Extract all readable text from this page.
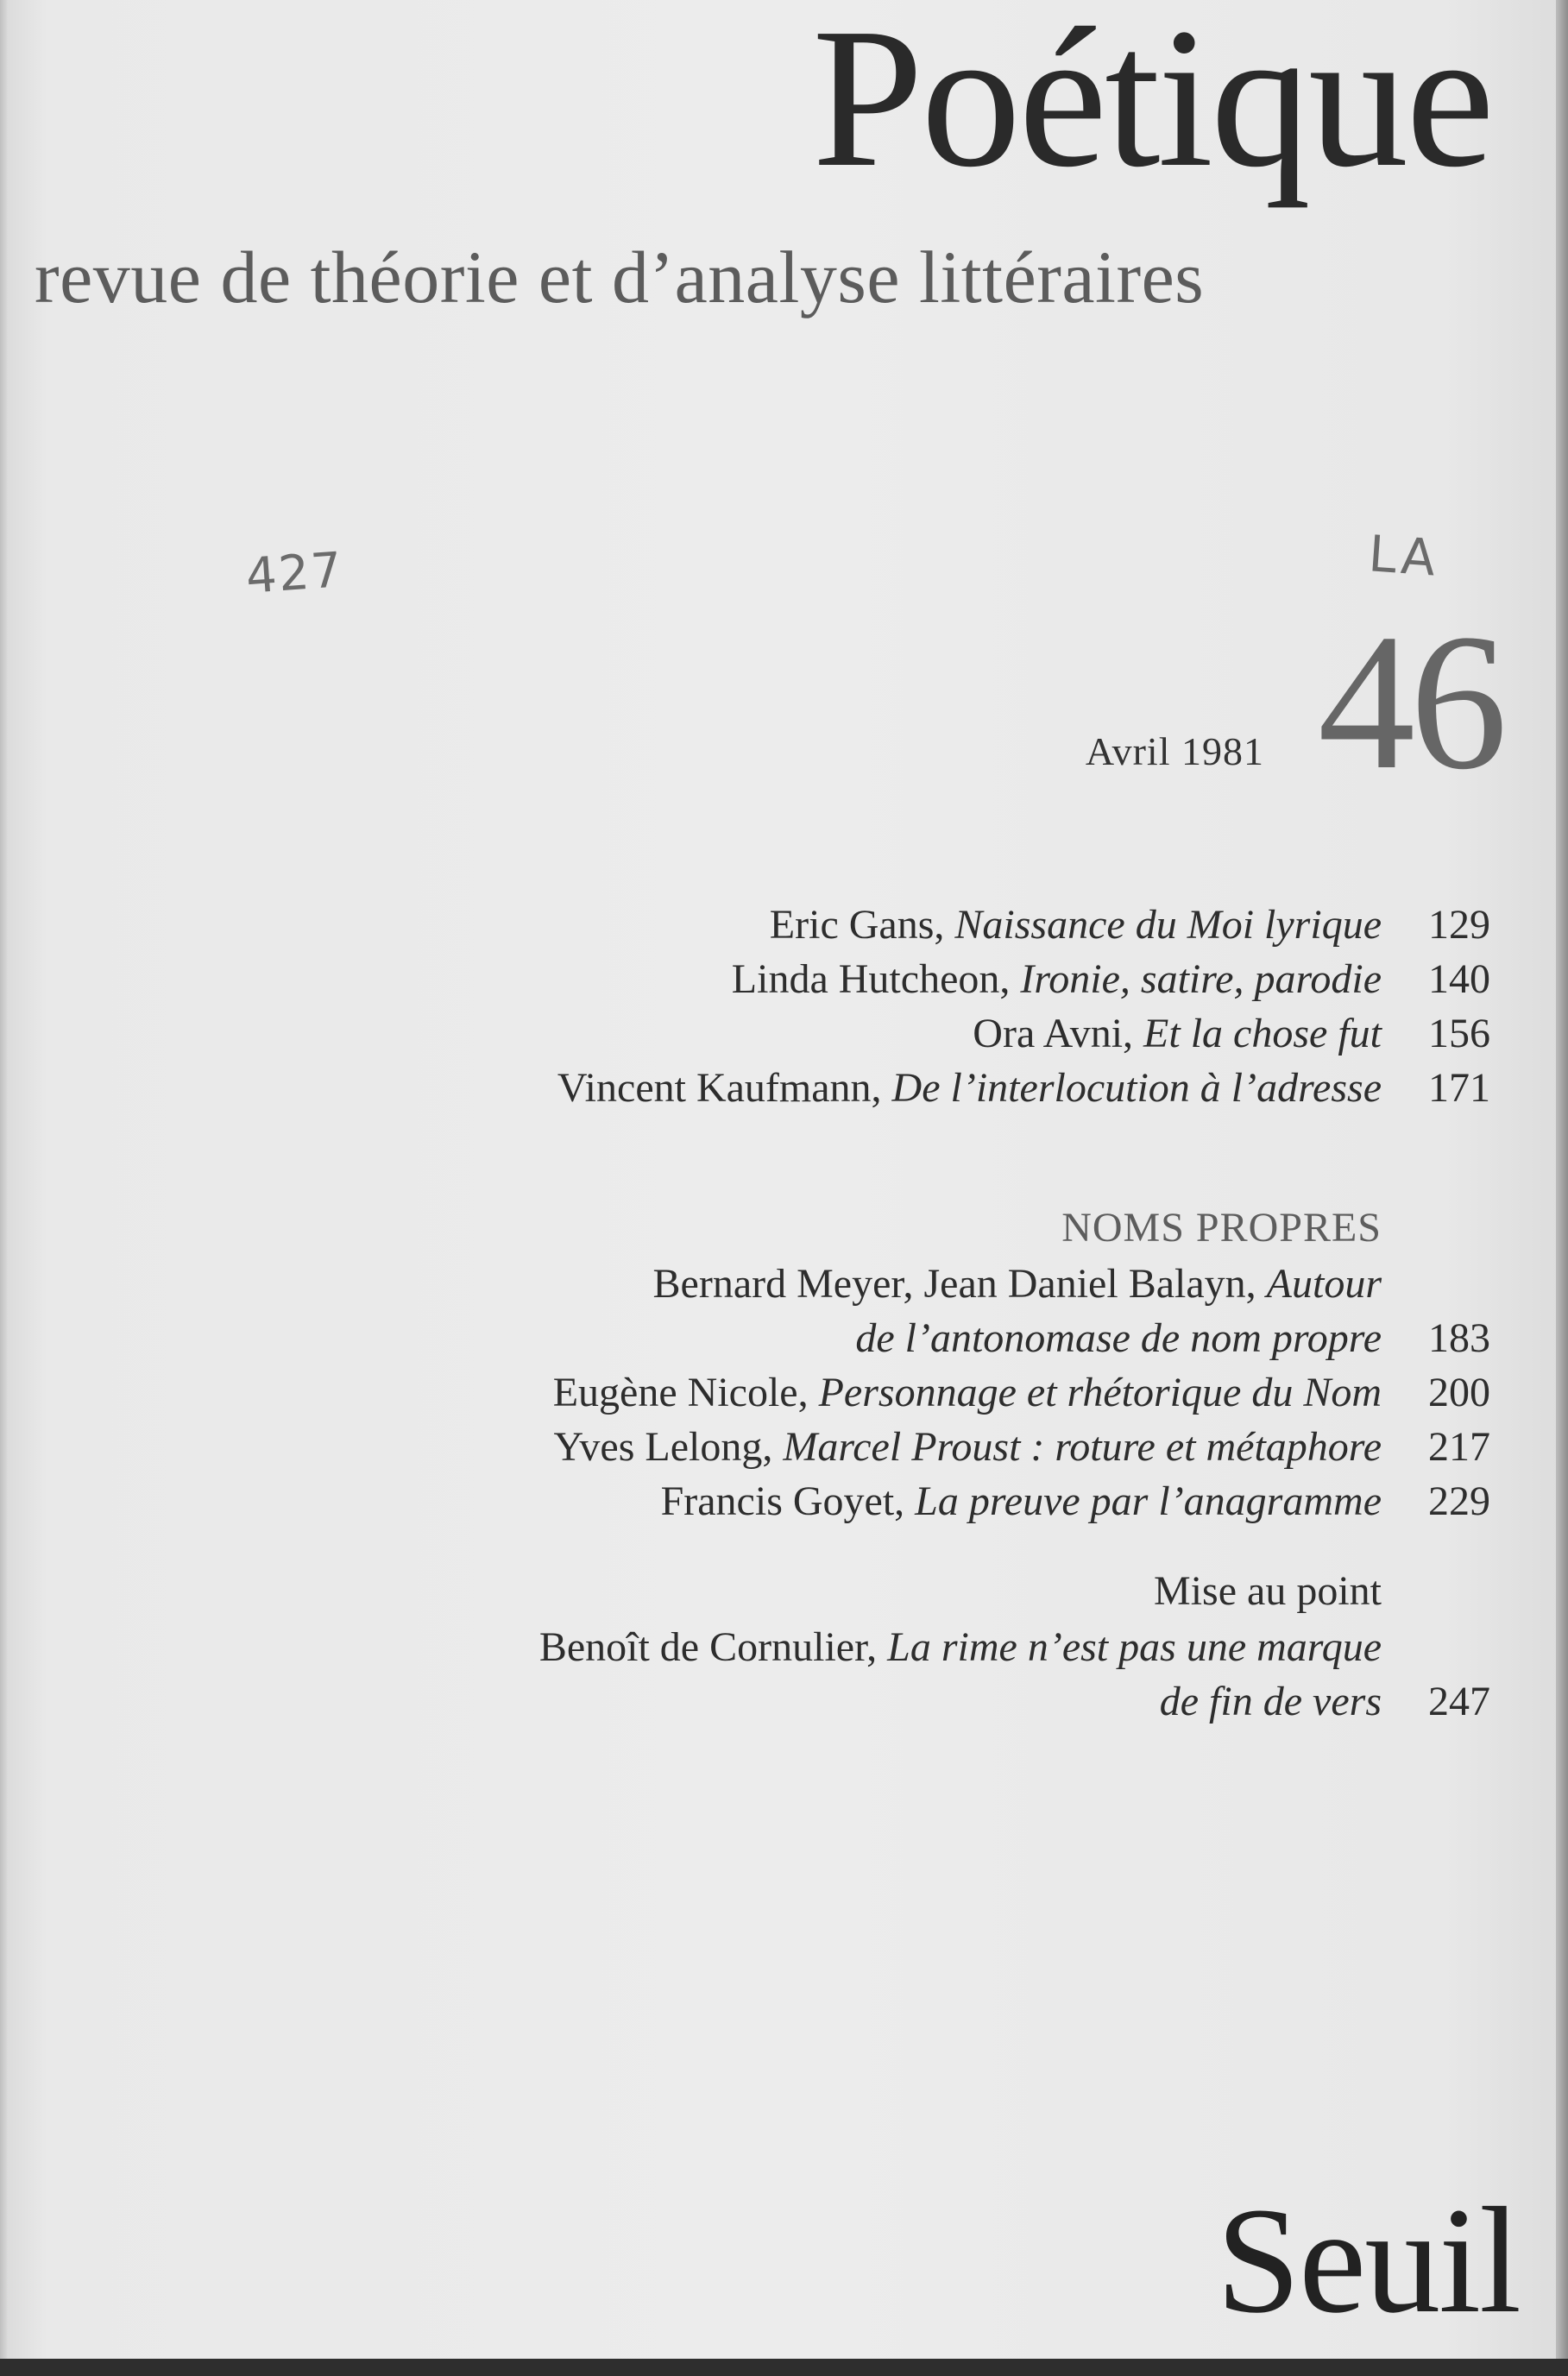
Poétique
revue de théorie et d’analyse littéraires
427	LA
Avril 1981 46
Eric Gans, Naissance du Moi lyrique 129
Linda Hutcheon, Ironie, satire, parodie 140
Ora Avni, Et la chose fut 156
Vincent Kaufmann, De l’interlocution à l’adresse 171
NOMS PROPRES
Bernard Meyer, Jean Daniel Balayn, Autour
de l’antonomase de nom propre 183
Eugène Nicole, Personnage et rhétorique du Nom 200
Yves Lelong, Marcel Proust : roture et métaphore 217
Francis Goyet, La preuve par l’anagramme 229
Mise au point
Benoît de Cornulier, La rime n’est pas une marque
de fin de vers 247
Seuil
